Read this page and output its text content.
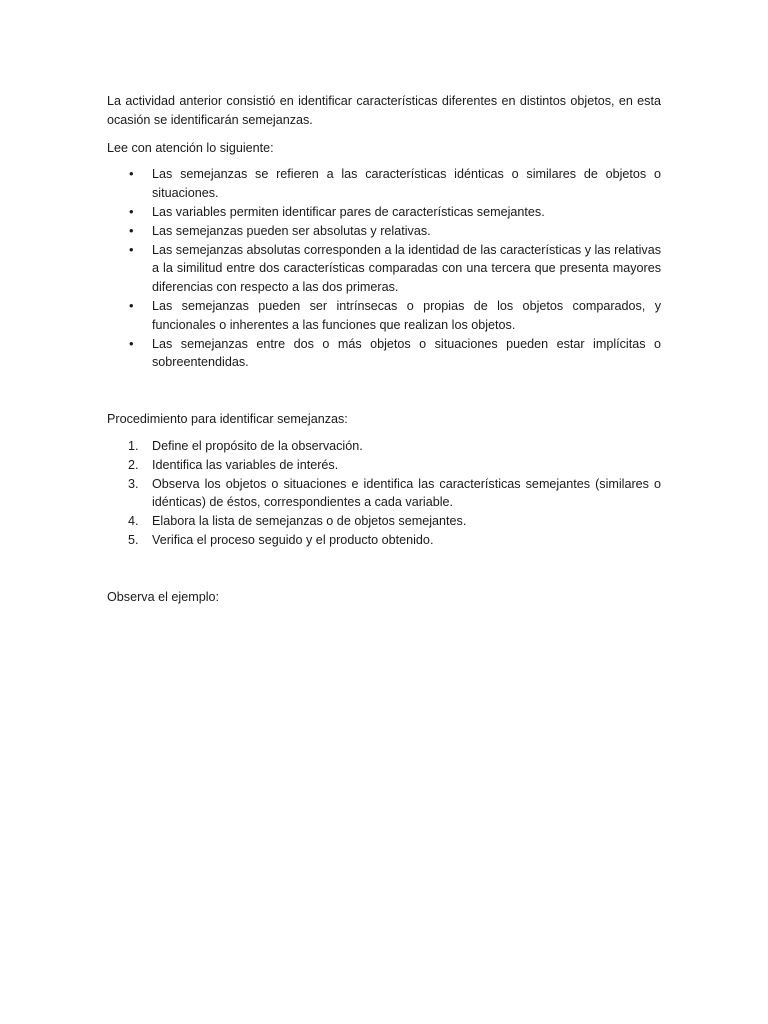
La actividad anterior consistió en identificar características diferentes en distintos objetos, en esta ocasión se identificarán semejanzas.

Lee con atención lo siguiente:

• Las semejanzas se refieren a las características idénticas o similares de objetos o situaciones.
• Las variables permiten identificar pares de características semejantes.
• Las semejanzas pueden ser absolutas y relativas.
• Las semejanzas absolutas corresponden a la identidad de las características y las relativas a la similitud entre dos características comparadas con una tercera que presenta mayores diferencias con respecto a las dos primeras.
• Las semejanzas pueden ser intrínsecas o propias de los objetos comparados, y funcionales o inherentes a las funciones que realizan los objetos.
• Las semejanzas entre dos o más objetos o situaciones pueden estar implícitas o sobreentendidas.

Procedimiento para identificar semejanzas:

1. Define el propósito de la observación.
2. Identifica las variables de interés.
3. Observa los objetos o situaciones e identifica las características semejantes (similares o idénticas) de éstos, correspondientes a cada variable.
4. Elabora la lista de semejanzas o de objetos semejantes.
5. Verifica el proceso seguido y el producto obtenido.

Observa el ejemplo:
